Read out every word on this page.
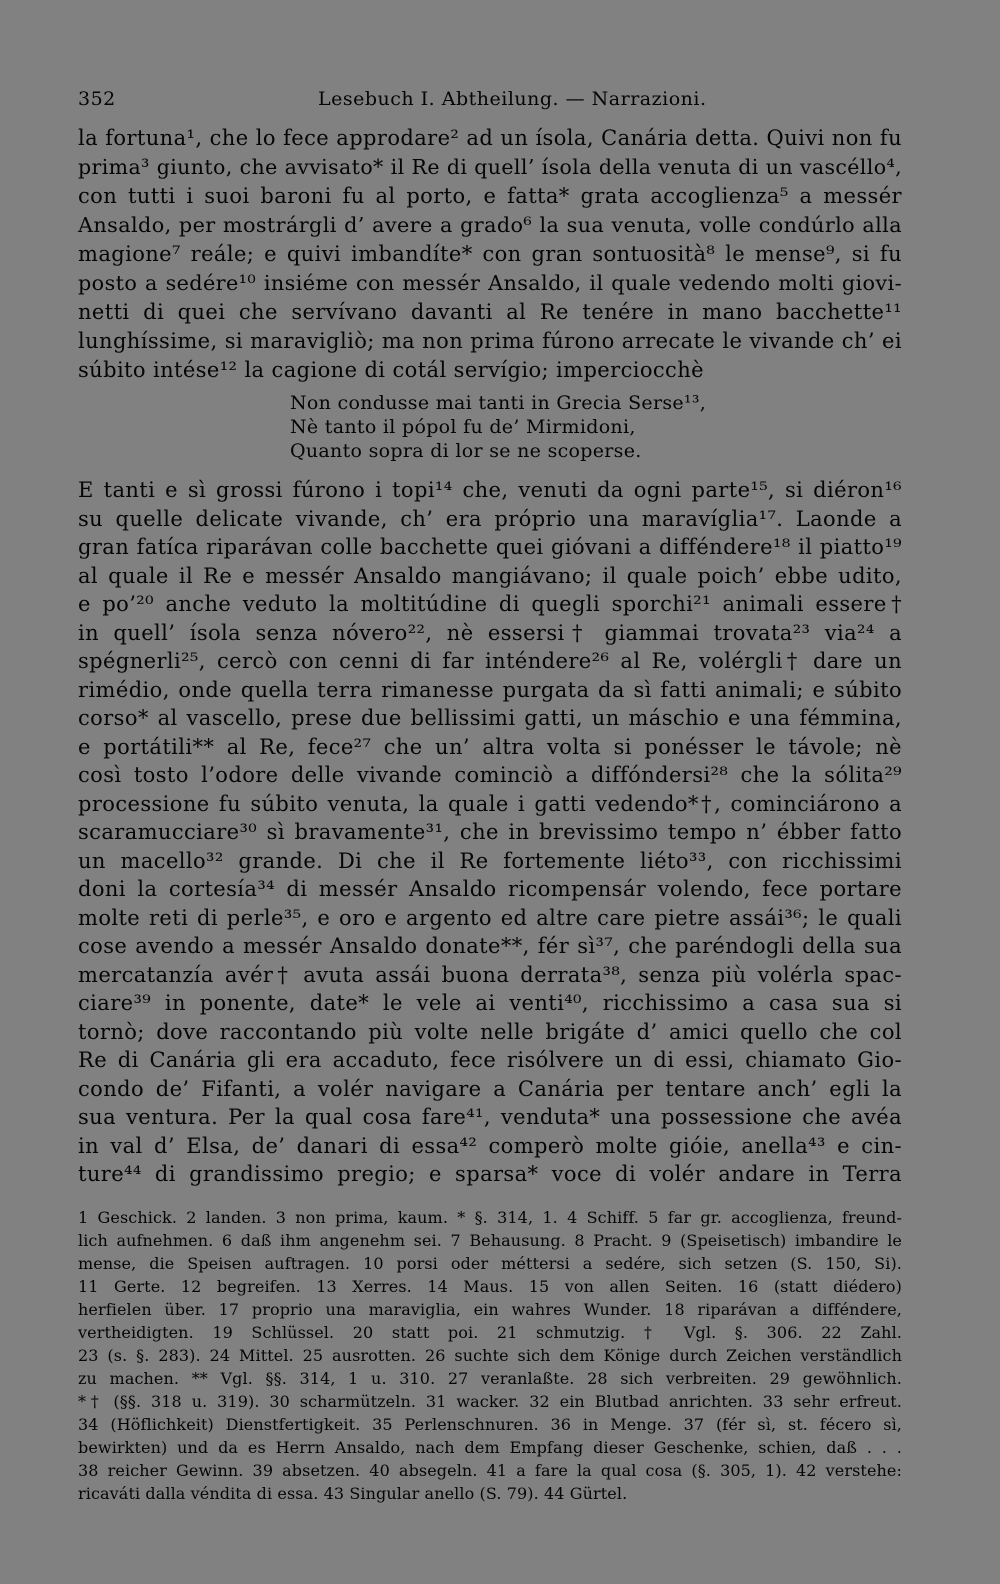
352	Lesebuch I. Abtheilung. — Narrazioni.
la fortuna¹, che lo fece approdare² ad un ísola, Canária detta. Quivi non fu
prima³ giunto, che avvisato* il Re di quell’ ísola della venuta di un vascéllo⁴,
con tutti i suoi baroni fu al porto, e fatta* grata accoglienza⁵ a messér
Ansaldo, per mostrárgli d’ avere a grado⁶ la sua venuta, volle condúrlo alla
magione⁷ reále; e quivi imbandíte* con gran sontuosità⁸ le mense⁹, si fu
posto a sedére¹⁰ insiéme con messér Ansaldo, il quale vedendo molti giovi-
netti di quei che servívano davanti al Re tenére in mano bacchette¹¹
lunghíssime, si maravigliò; ma non prima fúrono arrecate le vivande ch’ ei
súbito intése¹² la cagione di cotál servígio; imperciocchè
Non condusse mai tanti in Grecia Serse¹³,
Nè tanto il pópol fu de’ Mirmidoni,
Quanto sopra di lor se ne scoperse.
E tanti e sì grossi fúrono i topi¹⁴ che, venuti da ogni parte¹⁵, si diéron¹⁶
su quelle delicate vivande, ch’ era próprio una maravíglia¹⁷. Laonde a
gran fatíca riparávan colle bacchette quei gióvani a difféndere¹⁸ il piatto¹⁹
al quale il Re e messér Ansaldo mangiávano; il quale poich’ ebbe udito,
e po’²⁰ anche veduto la moltitúdine di quegli sporchi²¹ animali essere†
in quell’ ísola senza nóvero²², nè essersi† giammai trovata²³ via²⁴ a
spégnerli²⁵, cercò con cenni di far inténdere²⁶ al Re, volérgli† dare un
rimédio, onde quella terra rimanesse purgata da sì fatti animali; e súbito
corso* al vascello, prese due bellissimi gatti, un máschio e una fémmina,
e portátili** al Re, fece²⁷ che un’ altra volta si ponésser le távole; nè
così tosto l’odore delle vivande cominciò a diffóndersi²⁸ che la sólita²⁹
processione fu súbito venuta, la quale i gatti vedendo*†, cominciárono a
scaramucciare³⁰ sì bravamente³¹, che in brevissimo tempo n’ ébber fatto
un macello³² grande. Di che il Re fortemente liéto³³, con ricchissimi
doni la cortesía³⁴ di messér Ansaldo ricompensár volendo, fece portare
molte reti di perle³⁵, e oro e argento ed altre care pietre assái³⁶; le quali
cose avendo a messér Ansaldo donate**, fér sì³⁷, che paréndogli della sua
mercatanzía avér† avuta assái buona derrata³⁸, senza più volérla spac-
ciare³⁹ in ponente, date* le vele ai venti⁴⁰, ricchissimo a casa sua si
tornò; dove raccontando più volte nelle brigáte d’ amici quello che col
Re di Canária gli era accaduto, fece risólvere un di essi, chiamato Gio-
condo de’ Fifanti, a volér navigare a Canária per tentare anch’ egli la
sua ventura. Per la qual cosa fare⁴¹, venduta* una possessione che avéa
in val d’ Elsa, de’ danari di essa⁴² comperò molte gióie, anella⁴³ e cin-
ture⁴⁴ di grandissimo pregio; e sparsa* voce di volér andare in Terra
1 Geschick. 2 landen. 3 non prima, kaum. * §. 314, 1. 4 Schiff. 5 far gr. accoglienza, freund-
lich aufnehmen. 6 daß ihm angenehm sei. 7 Behausung. 8 Pracht. 9 (Speisetisch) imbandire le
mense, die Speisen auftragen. 10 porsi oder méttersi a sedére, sich setzen (S. 150, Si).
11 Gerte. 12 begreifen. 13 Xerres. 14 Maus. 15 von allen Seiten. 16 (statt diédero)
herfielen über. 17 proprio una maraviglia, ein wahres Wunder. 18 riparávan a difféndere,
vertheidigten. 19 Schlüssel. 20 statt poi. 21 schmutzig. † Vgl. §. 306. 22 Zahl.
23 (s. §. 283). 24 Mittel. 25 ausrotten. 26 suchte sich dem Könige durch Zeichen verständlich
zu machen. ** Vgl. §§. 314, 1 u. 310. 27 veranlaßte. 28 sich verbreiten. 29 gewöhnlich.
*† (§§. 318 u. 319). 30 scharmützeln. 31 wacker. 32 ein Blutbad anrichten. 33 sehr erfreut.
34 (Höflichkeit) Dienstfertigkeit. 35 Perlenschnuren. 36 in Menge. 37 (fér sì, st. fécero sì,
bewirkten) und da es Herrn Ansaldo, nach dem Empfang dieser Geschenke, schien, daß . . .
38 reicher Gewinn. 39 absetzen. 40 absegeln. 41 a fare la qual cosa (§. 305, 1). 42 verstehe:
ricaváti dalla véndita di essa. 43 Singular anello (S. 79). 44 Gürtel.
